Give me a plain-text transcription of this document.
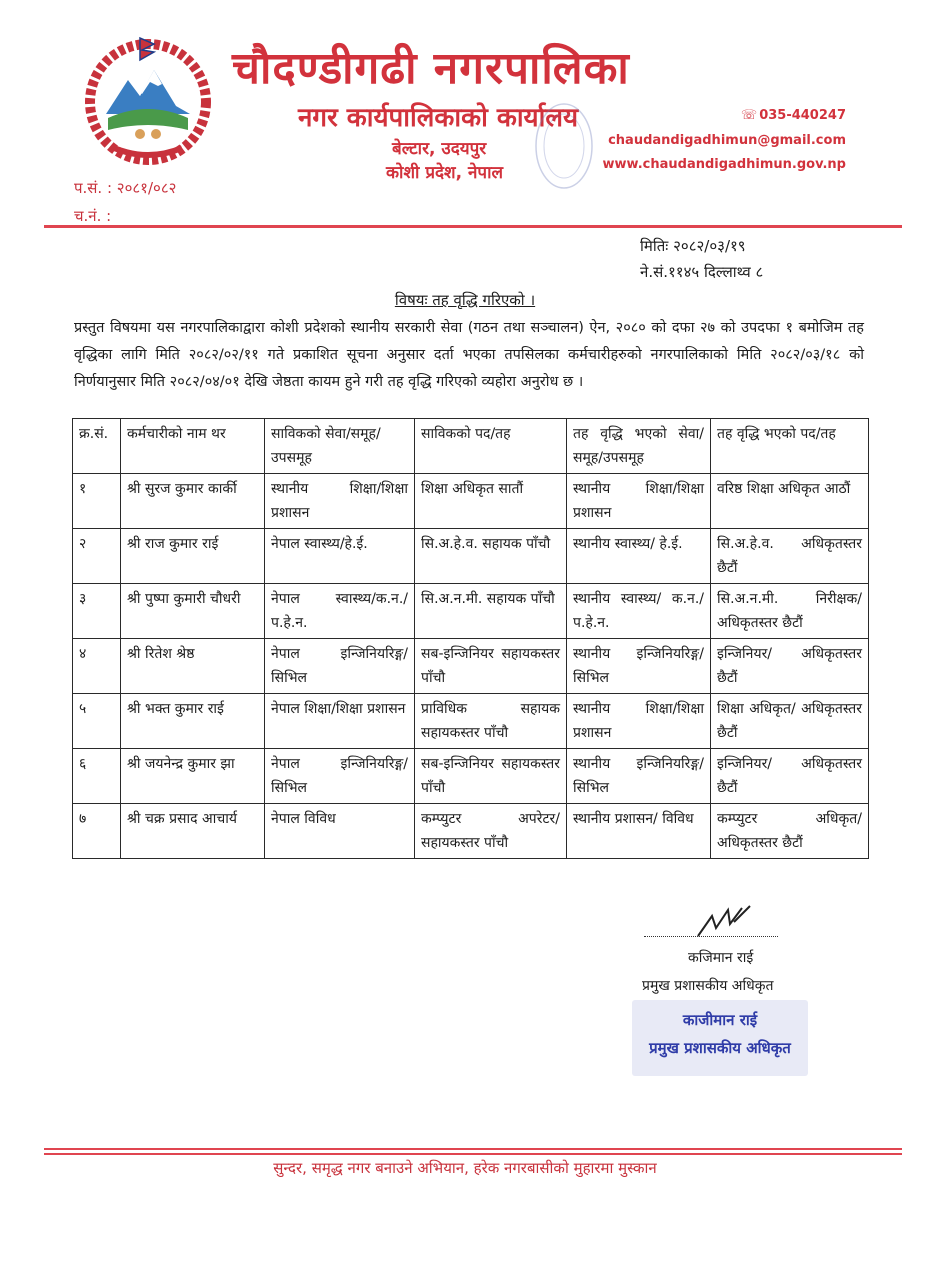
चौदण्डीगढी नगरपालिका
नगर कार्यपालिकाको कार्यालय
बेल्टार, उदयपुर
कोशी प्रदेश, नेपाल
☏ 035-440247
chaudandigadhimun@gmail.com
www.chaudandigadhimun.gov.np
प.सं. : २०८१/०८२
च.नं. :
मितिः २०८२/०३/१९
ने.सं.११४५ दिल्लाथ्व ८
विषयः तह वृद्धि गरिएको ।
प्रस्तुत विषयमा यस नगरपालिकाद्वारा कोशी प्रदेशको स्थानीय सरकारी सेवा (गठन तथा सञ्चालन) ऐन, २०८० को दफा २७ को उपदफा १ बमोजिम तह वृद्धिका लागि मिति २०८२/०२/११ गते प्रकाशित सूचना अनुसार दर्ता भएका तपसिलका कर्मचारीहरुको नगरपालिकाको मिति २०८२/०३/१८ को निर्णयानुसार मिति २०८२/०४/०१ देखि जेष्ठता कायम हुने गरी तह वृद्धि गरिएको व्यहोरा अनुरोध छ ।
क्र.सं.	कर्मचारीको नाम थर	साविकको सेवा/समूह/उपसमूह	साविकको पद/तह	तह वृद्धि भएको सेवा/समूह/उपसमूह	तह वृद्धि भएको पद/तह
१	श्री सुरज कुमार कार्की	स्थानीय शिक्षा/शिक्षा प्रशासन	शिक्षा अधिकृत सातौं	स्थानीय शिक्षा/शिक्षा प्रशासन	वरिष्ठ शिक्षा अधिकृत आठौं
२	श्री राज कुमार राई	नेपाल स्वास्थ्य/हे.ई.	सि.अ.हे.व. सहायक पाँचौ	स्थानीय स्वास्थ्य/ हे.ई.	सि.अ.हे.व. अधिकृतस्तर छैटौं
३	श्री पुष्पा कुमारी चौधरी	नेपाल स्वास्थ्य/क.न./ प.हे.न.	सि.अ.न.मी. सहायक पाँचौ	स्थानीय स्वास्थ्य/ क.न./प.हे.न.	सि.अ.न.मी. निरीक्षक/ अधिकृतस्तर छैटौं
४	श्री रितेश श्रेष्ठ	नेपाल इन्जिनियरिङ्ग/ सिभिल	सब-इन्जिनियर सहायकस्तर पाँचौ	स्थानीय इन्जिनियरिङ्ग/ सिभिल	इन्जिनियर/ अधिकृतस्तर छैटौं
५	श्री भक्त कुमार राई	नेपाल शिक्षा/शिक्षा प्रशासन	प्राविधिक सहायक सहायकस्तर पाँचौ	स्थानीय शिक्षा/शिक्षा प्रशासन	शिक्षा अधिकृत/ अधिकृतस्तर छैटौं
६	श्री जयनेन्द्र कुमार झा	नेपाल इन्जिनियरिङ्ग/ सिभिल	सब-इन्जिनियर सहायकस्तर पाँचौ	स्थानीय इन्जिनियरिङ्ग/ सिभिल	इन्जिनियर/ अधिकृतस्तर छैटौं
७	श्री चक्र प्रसाद आचार्य	नेपाल विविध	कम्प्युटर अपरेटर/ सहायकस्तर पाँचौ	स्थानीय प्रशासन/ विविध	कम्प्युटर अधिकृत/ अधिकृतस्तर छैटौं
कजिमान राई
प्रमुख प्रशासकीय अधिकृत
काजीमान राई
प्रमुख प्रशासकीय अधिकृत
सुन्दर, समृद्ध नगर बनाउने अभियान, हरेक नगरबासीको मुहारमा मुस्कान
